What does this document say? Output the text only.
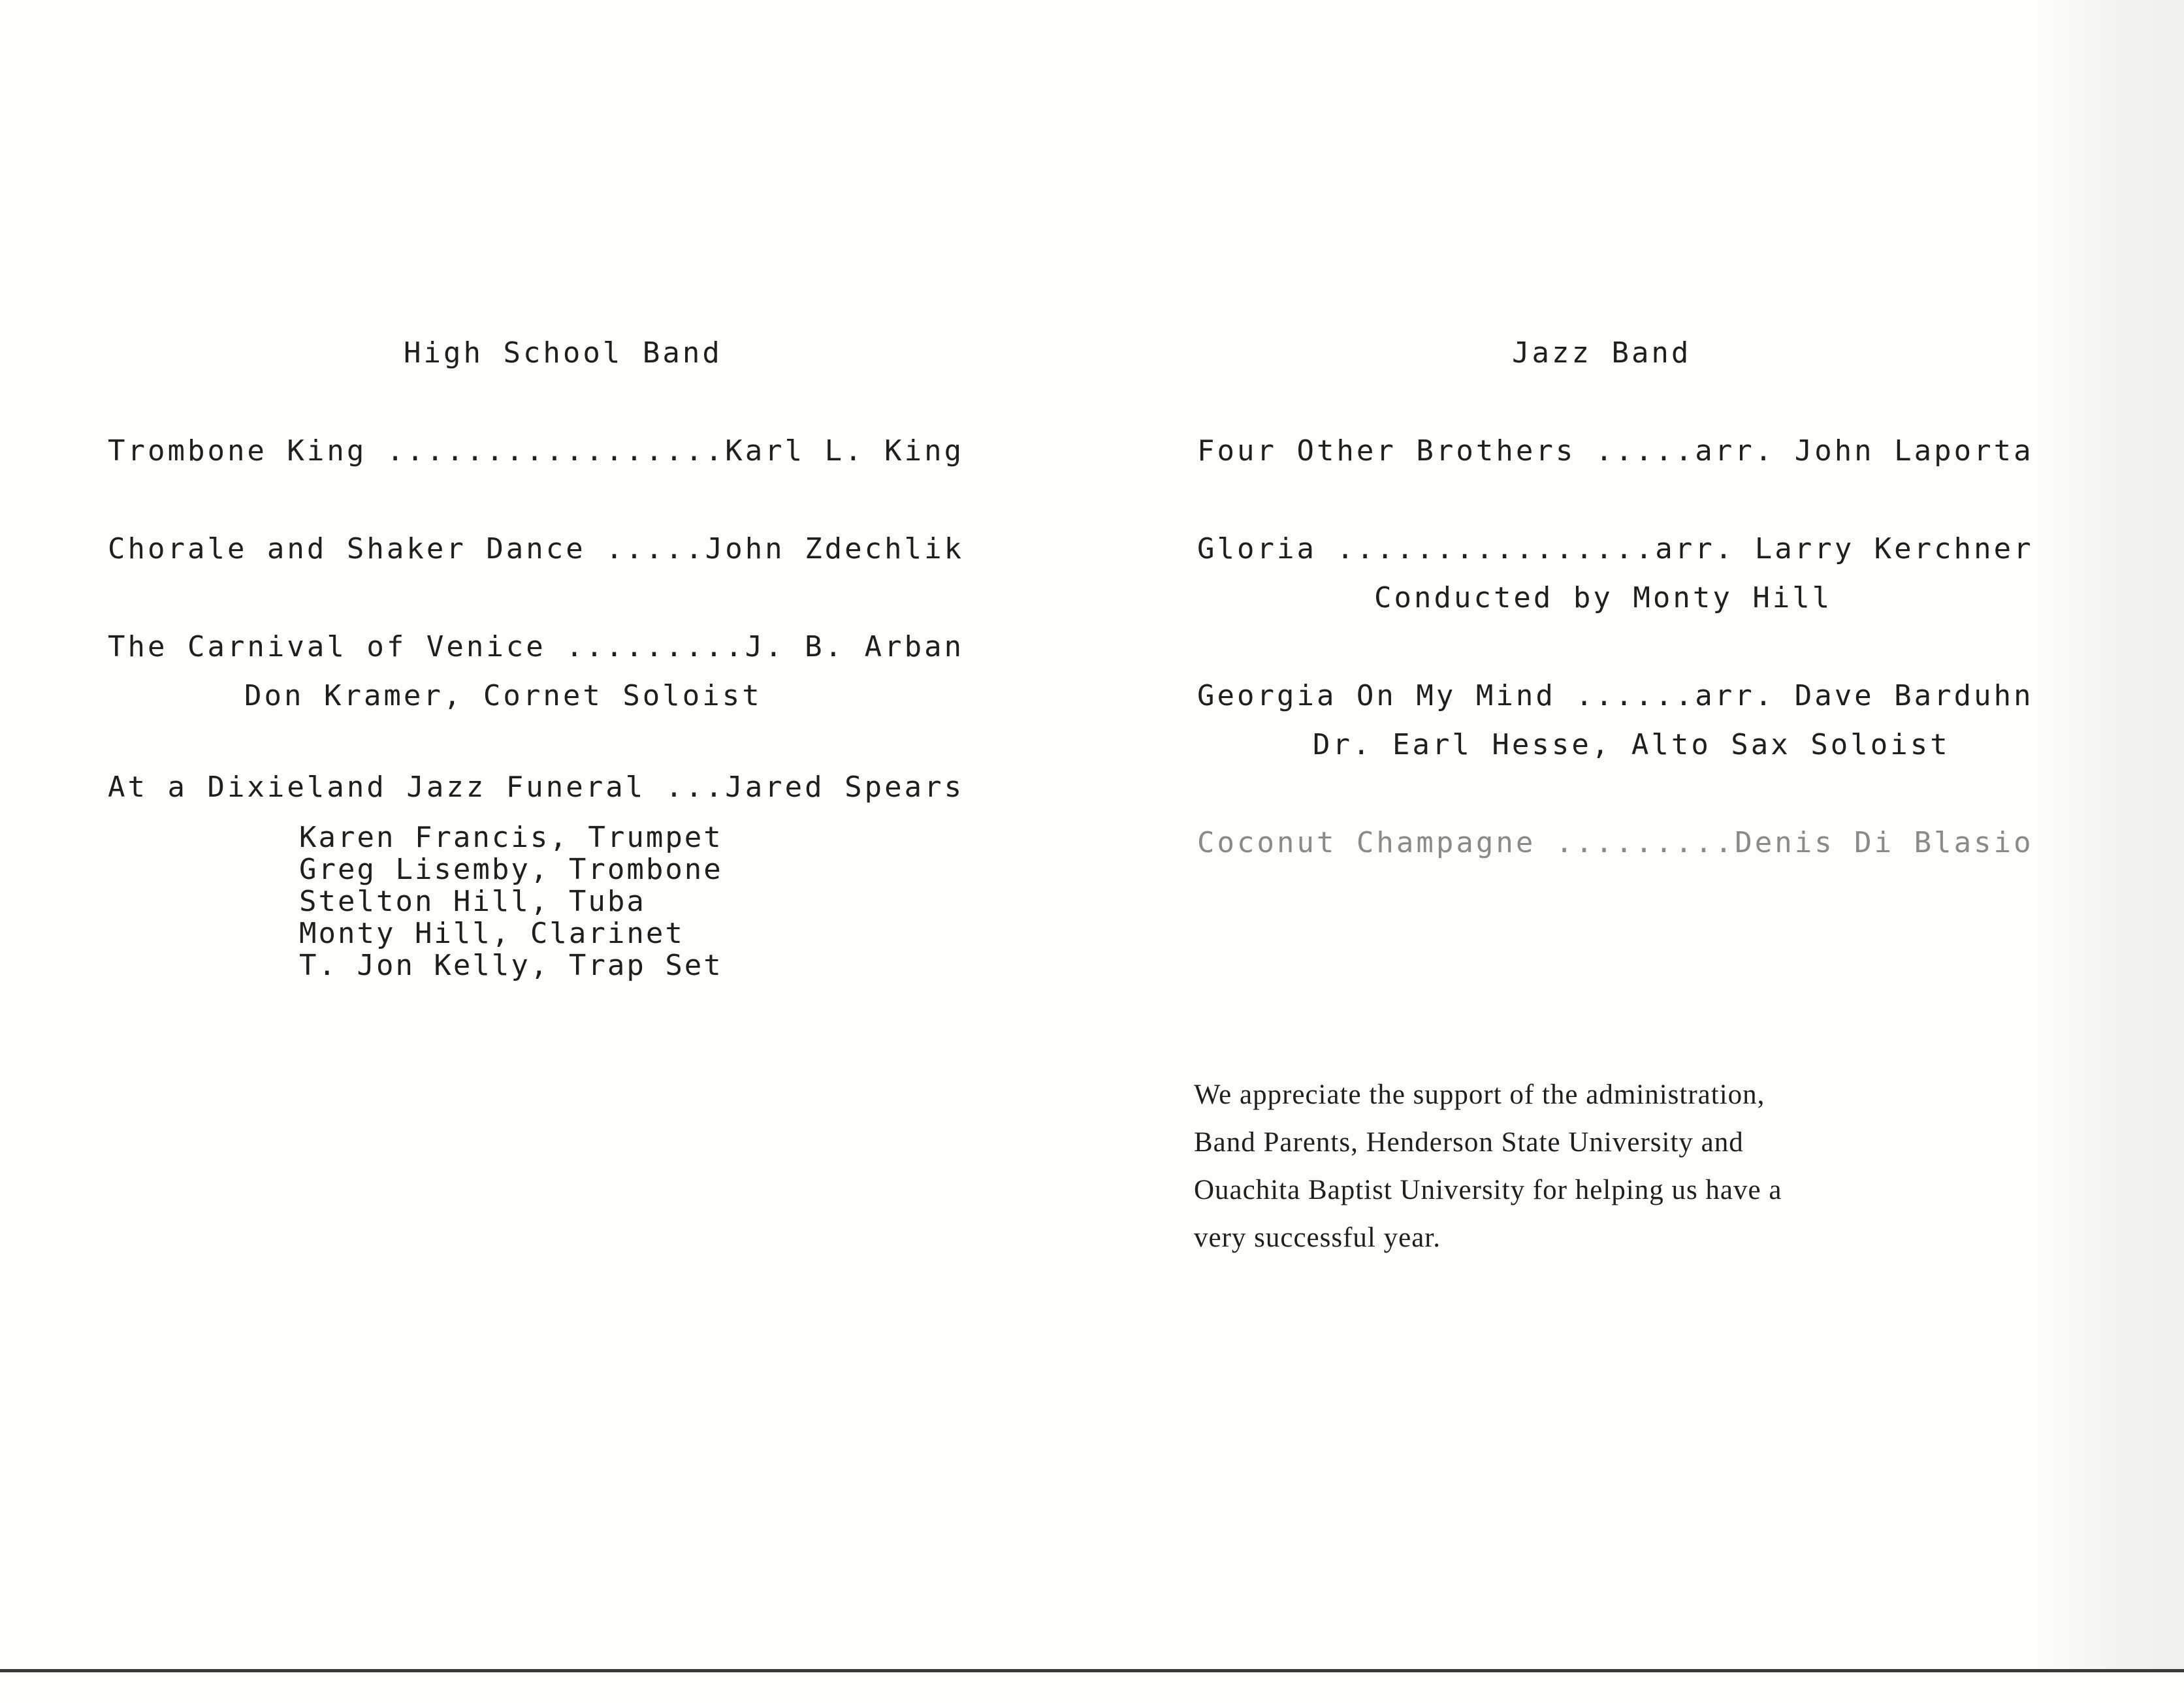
High School Band
Trombone King .................Karl L. King
Chorale and Shaker Dance .....John Zdechlik
The Carnival of Venice .........J. B. Arban
Don Kramer, Cornet Soloist
At a Dixieland Jazz Funeral ...Jared Spears
Karen Francis, Trumpet
Greg Lisemby, Trombone
Stelton Hill, Tuba
Monty Hill, Clarinet
T. Jon Kelly, Trap Set
Jazz Band
Four Other Brothers .....arr. John Laporta
Gloria ................arr. Larry Kerchner
Conducted by Monty Hill
Georgia On My Mind ......arr. Dave Barduhn
Dr. Earl Hesse, Alto Sax Soloist
Coconut Champagne .........Denis Di Blasio
We appreciate the support of the administration,
Band Parents, Henderson State University and
Ouachita Baptist University for helping us have a
very successful year.
